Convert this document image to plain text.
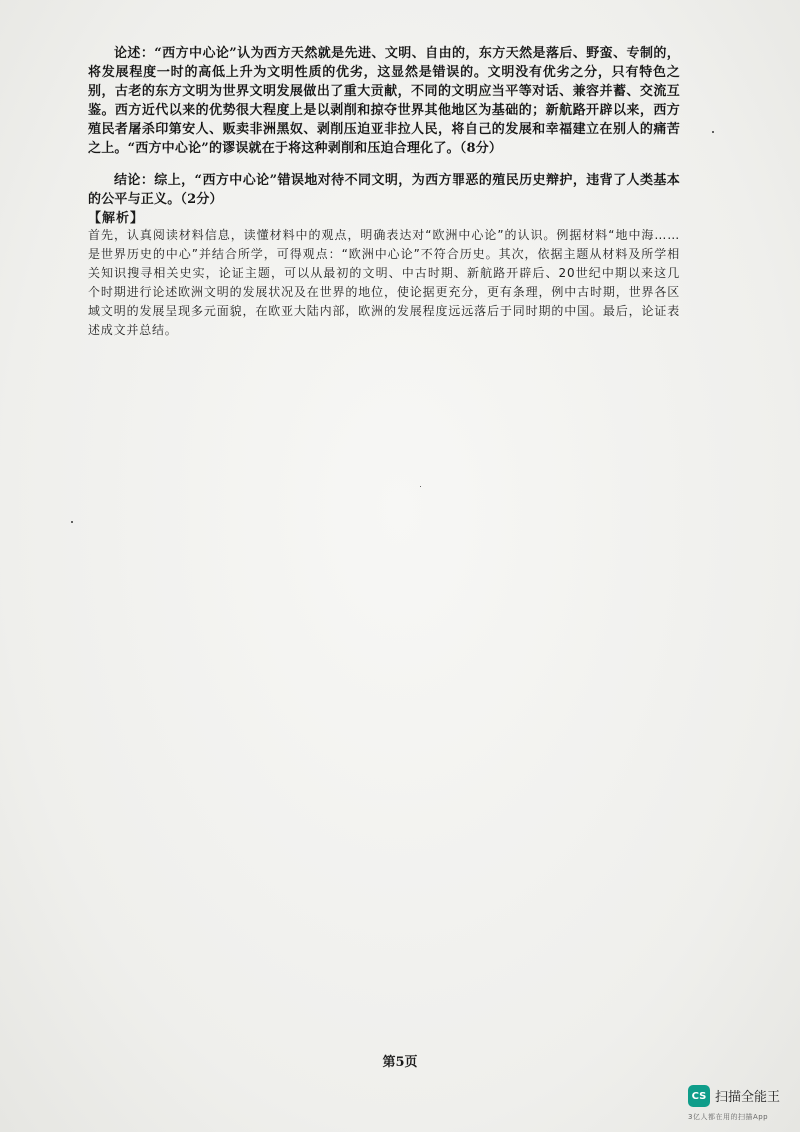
论述：“西方中心论”认为西方天然就是先进、文明、自由的，东方天然是落后、野蛮、专制的，将发展程度一时的高低上升为文明性质的优劣，这显然是错误的。文明没有优劣之分，只有特色之别，古老的东方文明为世界文明发展做出了重大贡献，不同的文明应当平等对话、兼容并蓄、交流互鉴。西方近代以来的优势很大程度上是以剥削和掠夺世界其他地区为基础的；新航路开辟以来，西方殖民者屠杀印第安人、贩卖非洲黑奴、剥削压迫亚非拉人民，将自己的发展和幸福建立在别人的痛苦之上。“西方中心论”的谬误就在于将这种剥削和压迫合理化了。（8分）
结论：综上，“西方中心论”错误地对待不同文明，为西方罪恶的殖民历史辩护，违背了人类基本的公平与正义。（2分）
【解析】
首先，认真阅读材料信息，读懂材料中的观点，明确表达对“欧洲中心论”的认识。例据材料“地中海……是世界历史的中心”并结合所学，可得观点：“欧洲中心论”不符合历史。其次，依据主题从材料及所学相关知识搜寻相关史实，论证主题，可以从最初的文明、中古时期、新航路开辟后、20世纪中期以来这几个时期进行论述欧洲文明的发展状况及在世界的地位，使论据更充分，更有条理，例中古时期，世界各区域文明的发展呈现多元面貌，在欧亚大陆内部，欧洲的发展程度远远落后于同时期的中国。最后，论证表述成文并总结。
第5页
CS 扫描全能王
3亿人都在用的扫描App
